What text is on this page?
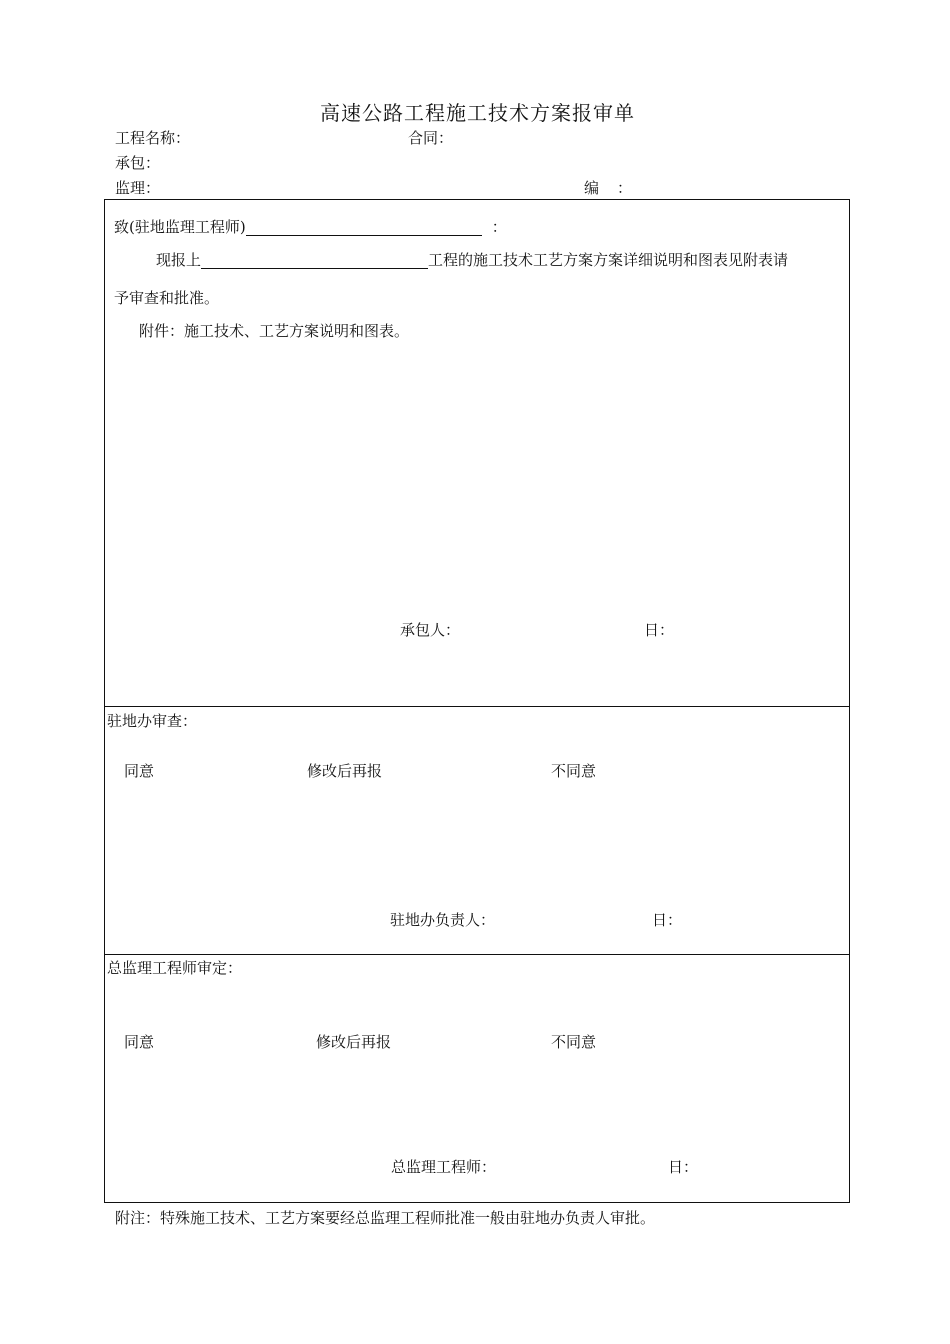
高速公路工程施工技术方案报审单
工程名称：	合同：
承包：
监理：	编 ：
致(驻地监理工程师)	：
现报上	工程的施工技术工艺方案方案详细说明和图表见附表请
予审查和批准。
附件：施工技术、工艺方案说明和图表。
承包人：	日：
驻地办审查：
同意	修改后再报	不同意
驻地办负责人：	日：
总监理工程师审定：
同意	修改后再报	不同意
总监理工程师：	日：
附注：特殊施工技术、工艺方案要经总监理工程师批准一般由驻地办负责人审批。
